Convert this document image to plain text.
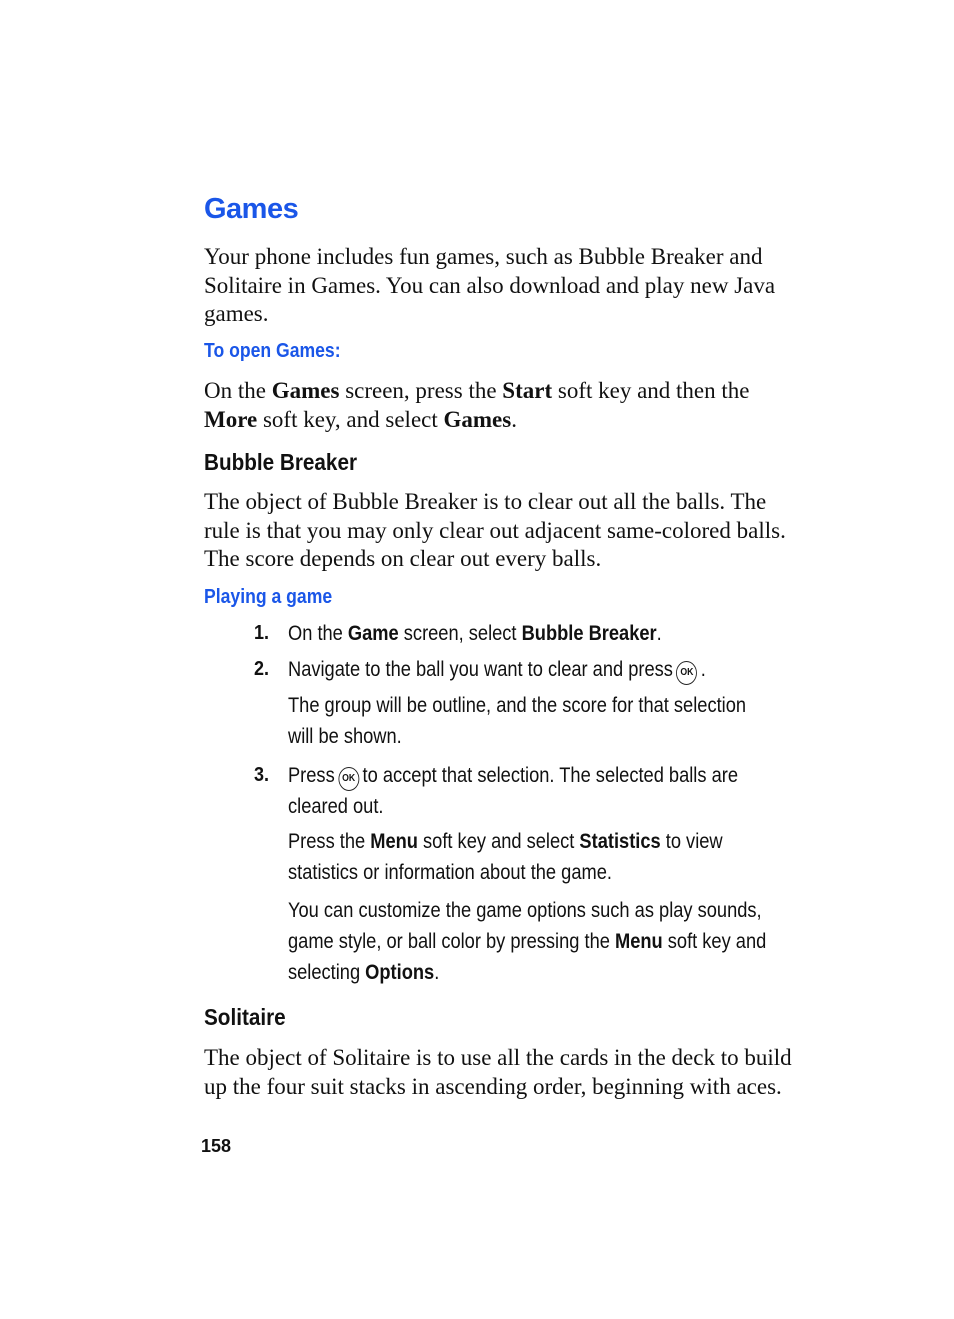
Games
Your phone includes fun games, such as Bubble Breaker and Solitaire in Games. You can also download and play new Java games.
To open Games:
On the Games screen, press the Start soft key and then the More soft key, and select Games.
Bubble Breaker
The object of Bubble Breaker is to clear out all the balls. The rule is that you may only clear out adjacent same-colored balls. The score depends on clear out every balls.
Playing a game
1. On the Game screen, select Bubble Breaker.
2. Navigate to the ball you want to clear and press OK .
The group will be outline, and the score for that selection will be shown.
3. Press OK to accept that selection. The selected balls are cleared out.
Press the Menu soft key and select Statistics to view statistics or information about the game.
You can customize the game options such as play sounds, game style, or ball color by pressing the Menu soft key and selecting Options.
Solitaire
The object of Solitaire is to use all the cards in the deck to build up the four suit stacks in ascending order, beginning with aces.
158
